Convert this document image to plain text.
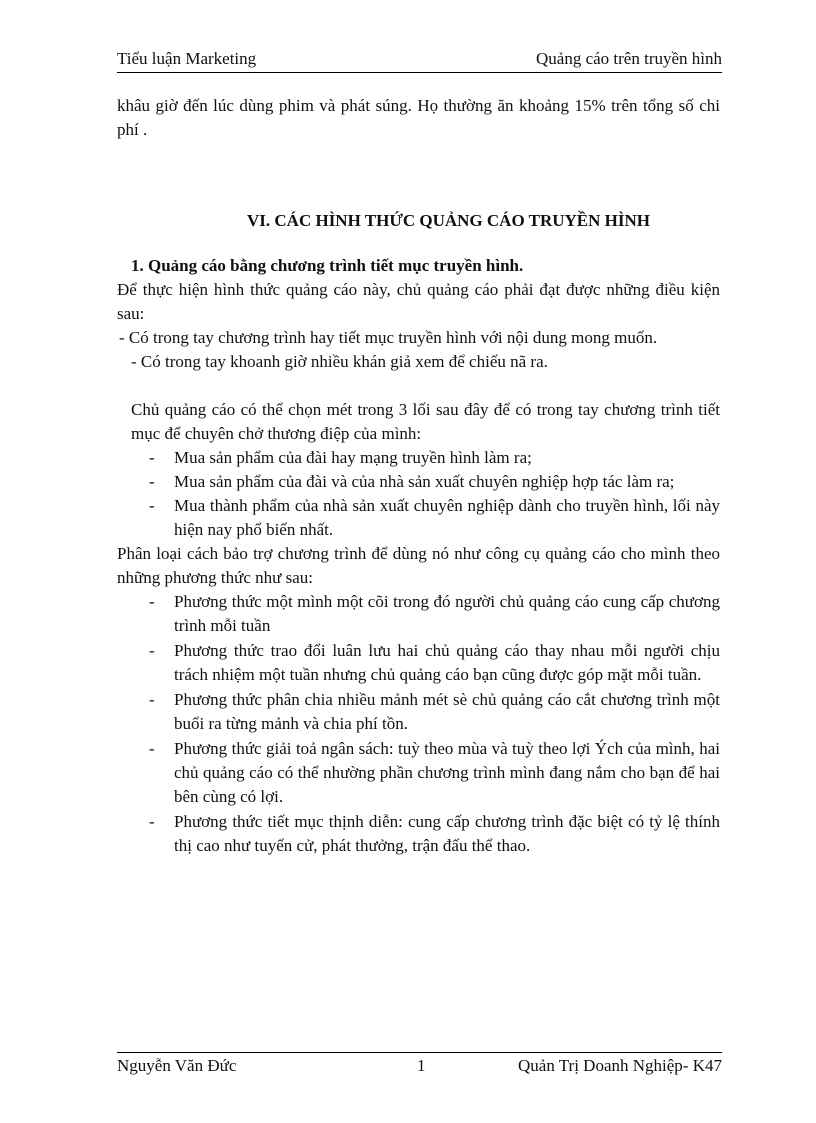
Tiểu luận Marketing	Quảng cáo trên truyền hình

khâu giờ đến lúc dùng phim và phát súng. Họ thường ăn khoảng 15% trên tổng số chi phí .

VI. CÁC HÌNH THỨC QUẢNG CÁO TRUYỀN HÌNH

1. Quảng cáo bằng chương trình tiết mục truyền hình.

Để thực hiện hình thức quảng cáo này, chủ quảng cáo phải đạt được những điều kiện sau:

- Có trong tay chương trình hay tiết mục truyền hình với nội dung mong muốn.

- Có trong tay khoanh giờ nhiều khán giả xem để chiếu nã ra.

Chủ quảng cáo có thể chọn mét trong 3 lối sau đây để có trong tay chương trình tiết mục để chuyên chở thương điệp của mình:

- Mua sản phẩm của đài hay mạng truyền hình làm ra;
- Mua sản phẩm của đài và của nhà sản xuất chuyên nghiệp hợp tác làm ra;
- Mua thành phẩm của nhà sản xuất chuyên nghiệp dành cho truyền hình, lối này hiện nay phổ biến nhất.

Phân loại cách bảo trợ chương trình để dùng nó như công cụ quảng cáo cho mình theo những phương thức như sau:

- Phương thức một mình một cõi trong đó người chủ quảng cáo cung cấp chương trình mỗi tuần
- Phương thức trao đổi luân lưu hai chủ quảng cáo thay nhau mỗi người chịu trách nhiệm một tuần nhưng chủ quảng cáo bạn cũng được góp mặt mỗi tuần.
- Phương thức phân chia nhiều mảnh mét sè chủ quảng cáo cắt chương trình một buổi ra từng mảnh và chia phí tồn.
- Phương thức giải toả ngân sách: tuỳ theo mùa và tuỳ theo lợi Ých của mình, hai chủ quảng cáo có thể nhường phần chương trình mình đang nắm cho bạn để hai bên cùng có lợi.
- Phương thức tiết mục thịnh diễn: cung cấp chương trình đặc biệt có tỷ lệ thính thị cao như tuyển cử, phát thưởng, trận đấu thể thao.
Nguyễn Văn Đức	1	Quản Trị Doanh Nghiệp- K47
